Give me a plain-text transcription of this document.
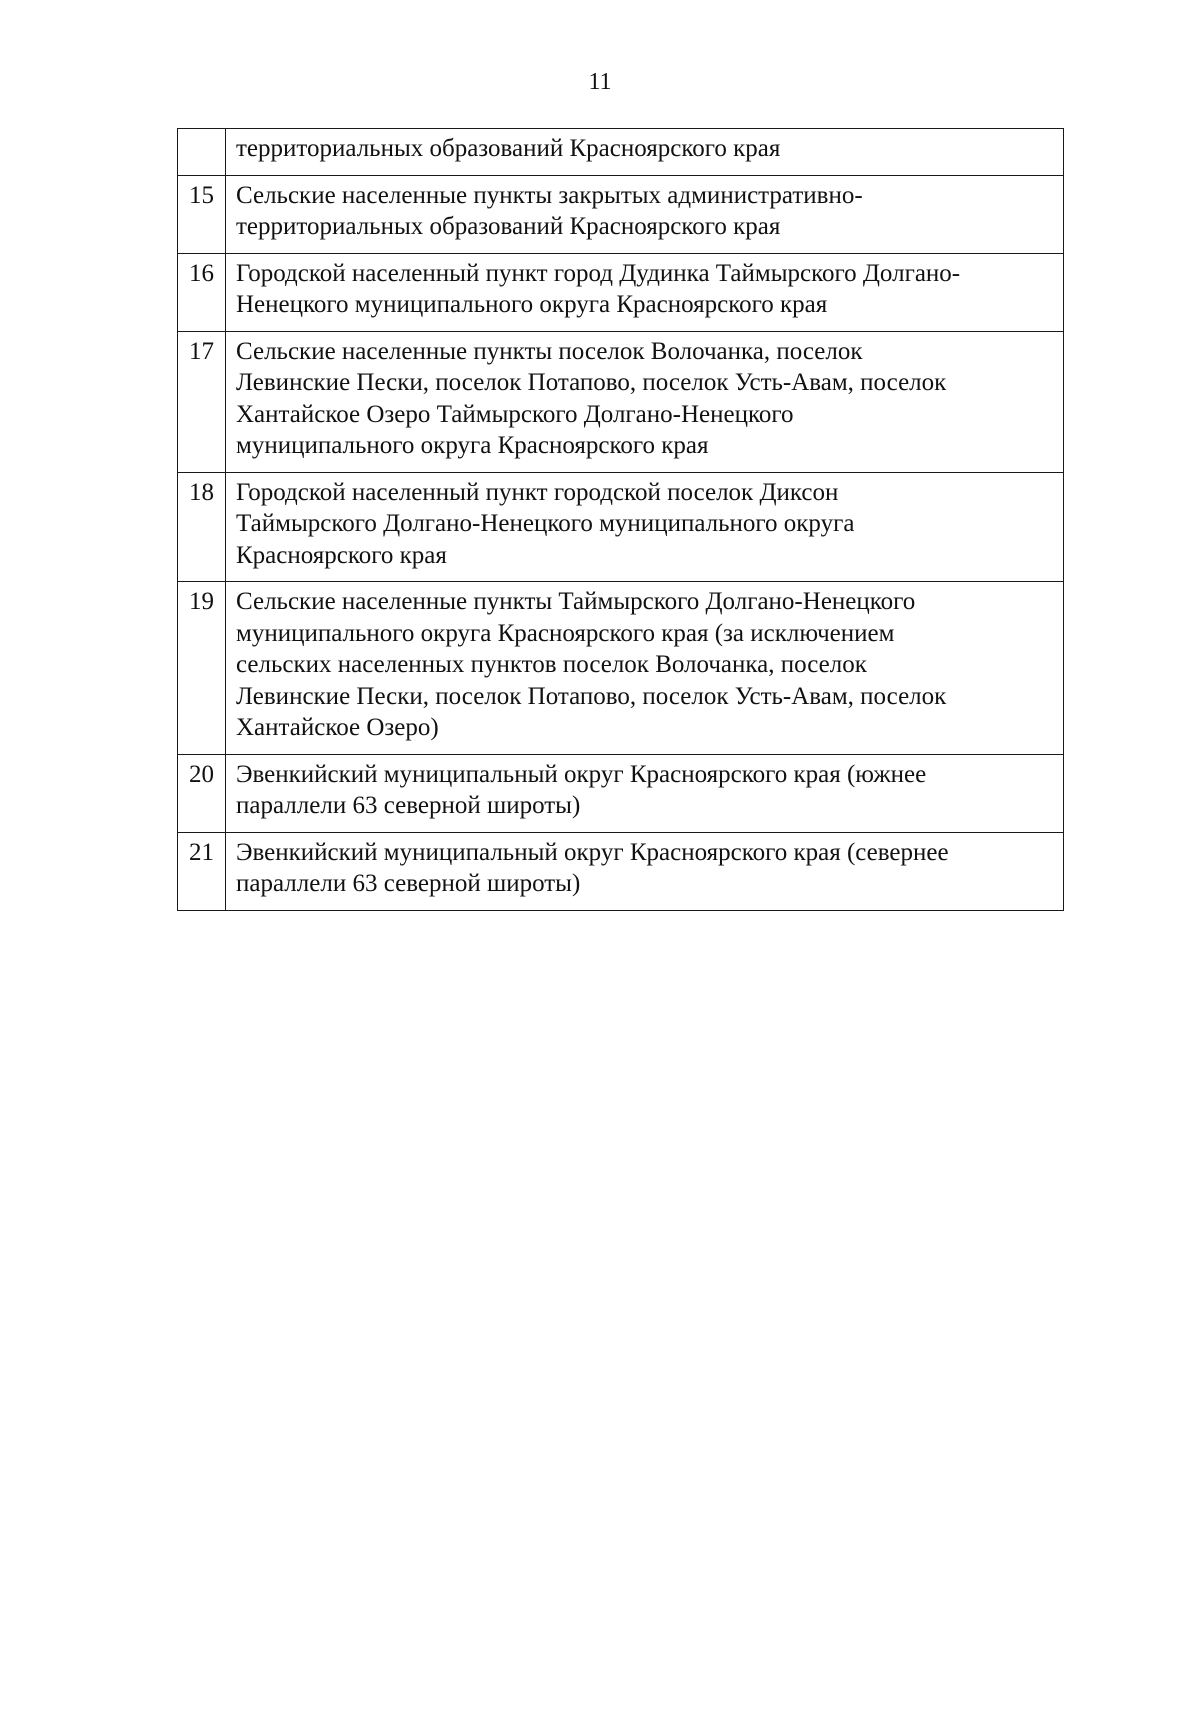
11
	территориальных образований Красноярского края
15	Сельские населенные пункты закрытых административно-
территориальных образований Красноярского края
16	Городской населенный пункт город Дудинка Таймырского Долгано-
Ненецкого муниципального округа Красноярского края
17	Сельские населенные пункты поселок Волочанка, поселок
Левинские Пески, поселок Потапово, поселок Усть-Авам, поселок
Хантайское Озеро Таймырского Долгано-Ненецкого
муниципального округа Красноярского края
18	Городской населенный пункт городской поселок Диксон
Таймырского Долгано-Ненецкого муниципального округа
Красноярского края
19	Сельские населенные пункты Таймырского Долгано-Ненецкого
муниципального округа Красноярского края (за исключением
сельских населенных пунктов поселок Волочанка, поселок
Левинские Пески, поселок Потапово, поселок Усть-Авам, поселок
Хантайское Озеро)
20	Эвенкийский муниципальный округ Красноярского края (южнее
параллели 63 северной широты)
21	Эвенкийский муниципальный округ Красноярского края (севернее
параллели 63 северной широты)
